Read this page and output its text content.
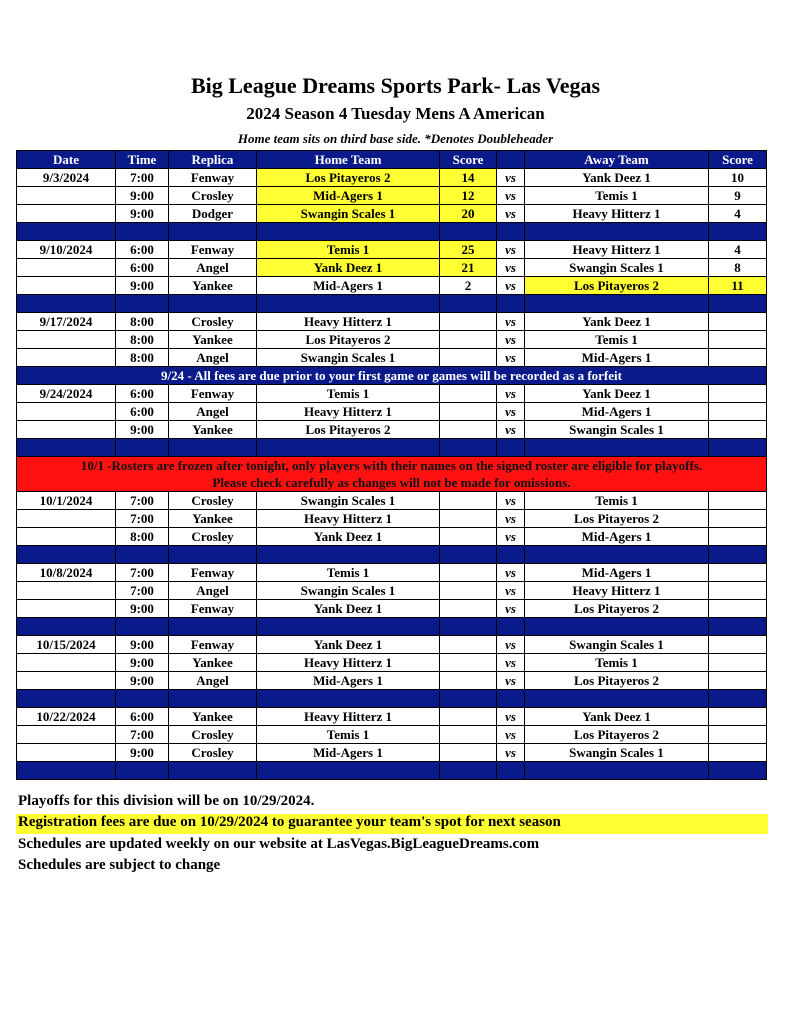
Big League Dreams Sports Park- Las Vegas
2024 Season 4 Tuesday Mens A American
Home team sits on third base side. *Denotes Doubleheader
Date	Time	Replica	Home Team	Score		Away Team	Score
9/3/2024	7:00	Fenway	Los Pitayeros 2	14	vs	Yank Deez 1	10
	9:00	Crosley	Mid-Agers 1	12	vs	Temis 1	9
	9:00	Dodger	Swangin Scales 1	20	vs	Heavy Hitterz 1	4

9/10/2024	6:00	Fenway	Temis 1	25	vs	Heavy Hitterz 1	4
	6:00	Angel	Yank Deez 1	21	vs	Swangin Scales 1	8
	9:00	Yankee	Mid-Agers 1	2	vs	Los Pitayeros 2	11

9/17/2024	8:00	Crosley	Heavy Hitterz 1		vs	Yank Deez 1	
	8:00	Yankee	Los Pitayeros 2		vs	Temis 1	
	8:00	Angel	Swangin Scales 1		vs	Mid-Agers 1	
9/24 - All fees are due prior to your first game or games will be recorded as a forfeit							
9/24/2024	6:00	Fenway	Temis 1		vs	Yank Deez 1	
	6:00	Angel	Heavy Hitterz 1		vs	Mid-Agers 1	
	9:00	Yankee	Los Pitayeros 2		vs	Swangin Scales 1	

10/1 -Rosters are frozen after tonight, only players with their names on the signed roster are eligible for playoffs.
Please check carefully as changes will not be made for omissions.							

10/1/2024	7:00	Crosley	Swangin Scales 1		vs	Temis 1	
	7:00	Yankee	Heavy Hitterz 1		vs	Los Pitayeros 2	
	8:00	Crosley	Yank Deez 1		vs	Mid-Agers 1	

10/8/2024	7:00	Fenway	Temis 1		vs	Mid-Agers 1	
	7:00	Angel	Swangin Scales 1		vs	Heavy Hitterz 1	
	9:00	Fenway	Yank Deez 1		vs	Los Pitayeros 2	

10/15/2024	9:00	Fenway	Yank Deez 1		vs	Swangin Scales 1	
	9:00	Yankee	Heavy Hitterz 1		vs	Temis 1	
	9:00	Angel	Mid-Agers 1		vs	Los Pitayeros 2	

10/22/2024	6:00	Yankee	Heavy Hitterz 1		vs	Yank Deez 1	
	7:00	Crosley	Temis 1		vs	Los Pitayeros 2	
	9:00	Crosley	Mid-Agers 1		vs	Swangin Scales 1	

Playoffs for this division will be on 10/29/2024.
Registration fees are due on 10/29/2024 to guarantee your team's spot for next season
Schedules are updated weekly on our website at LasVegas.BigLeagueDreams.com
Schedules are subject to change
